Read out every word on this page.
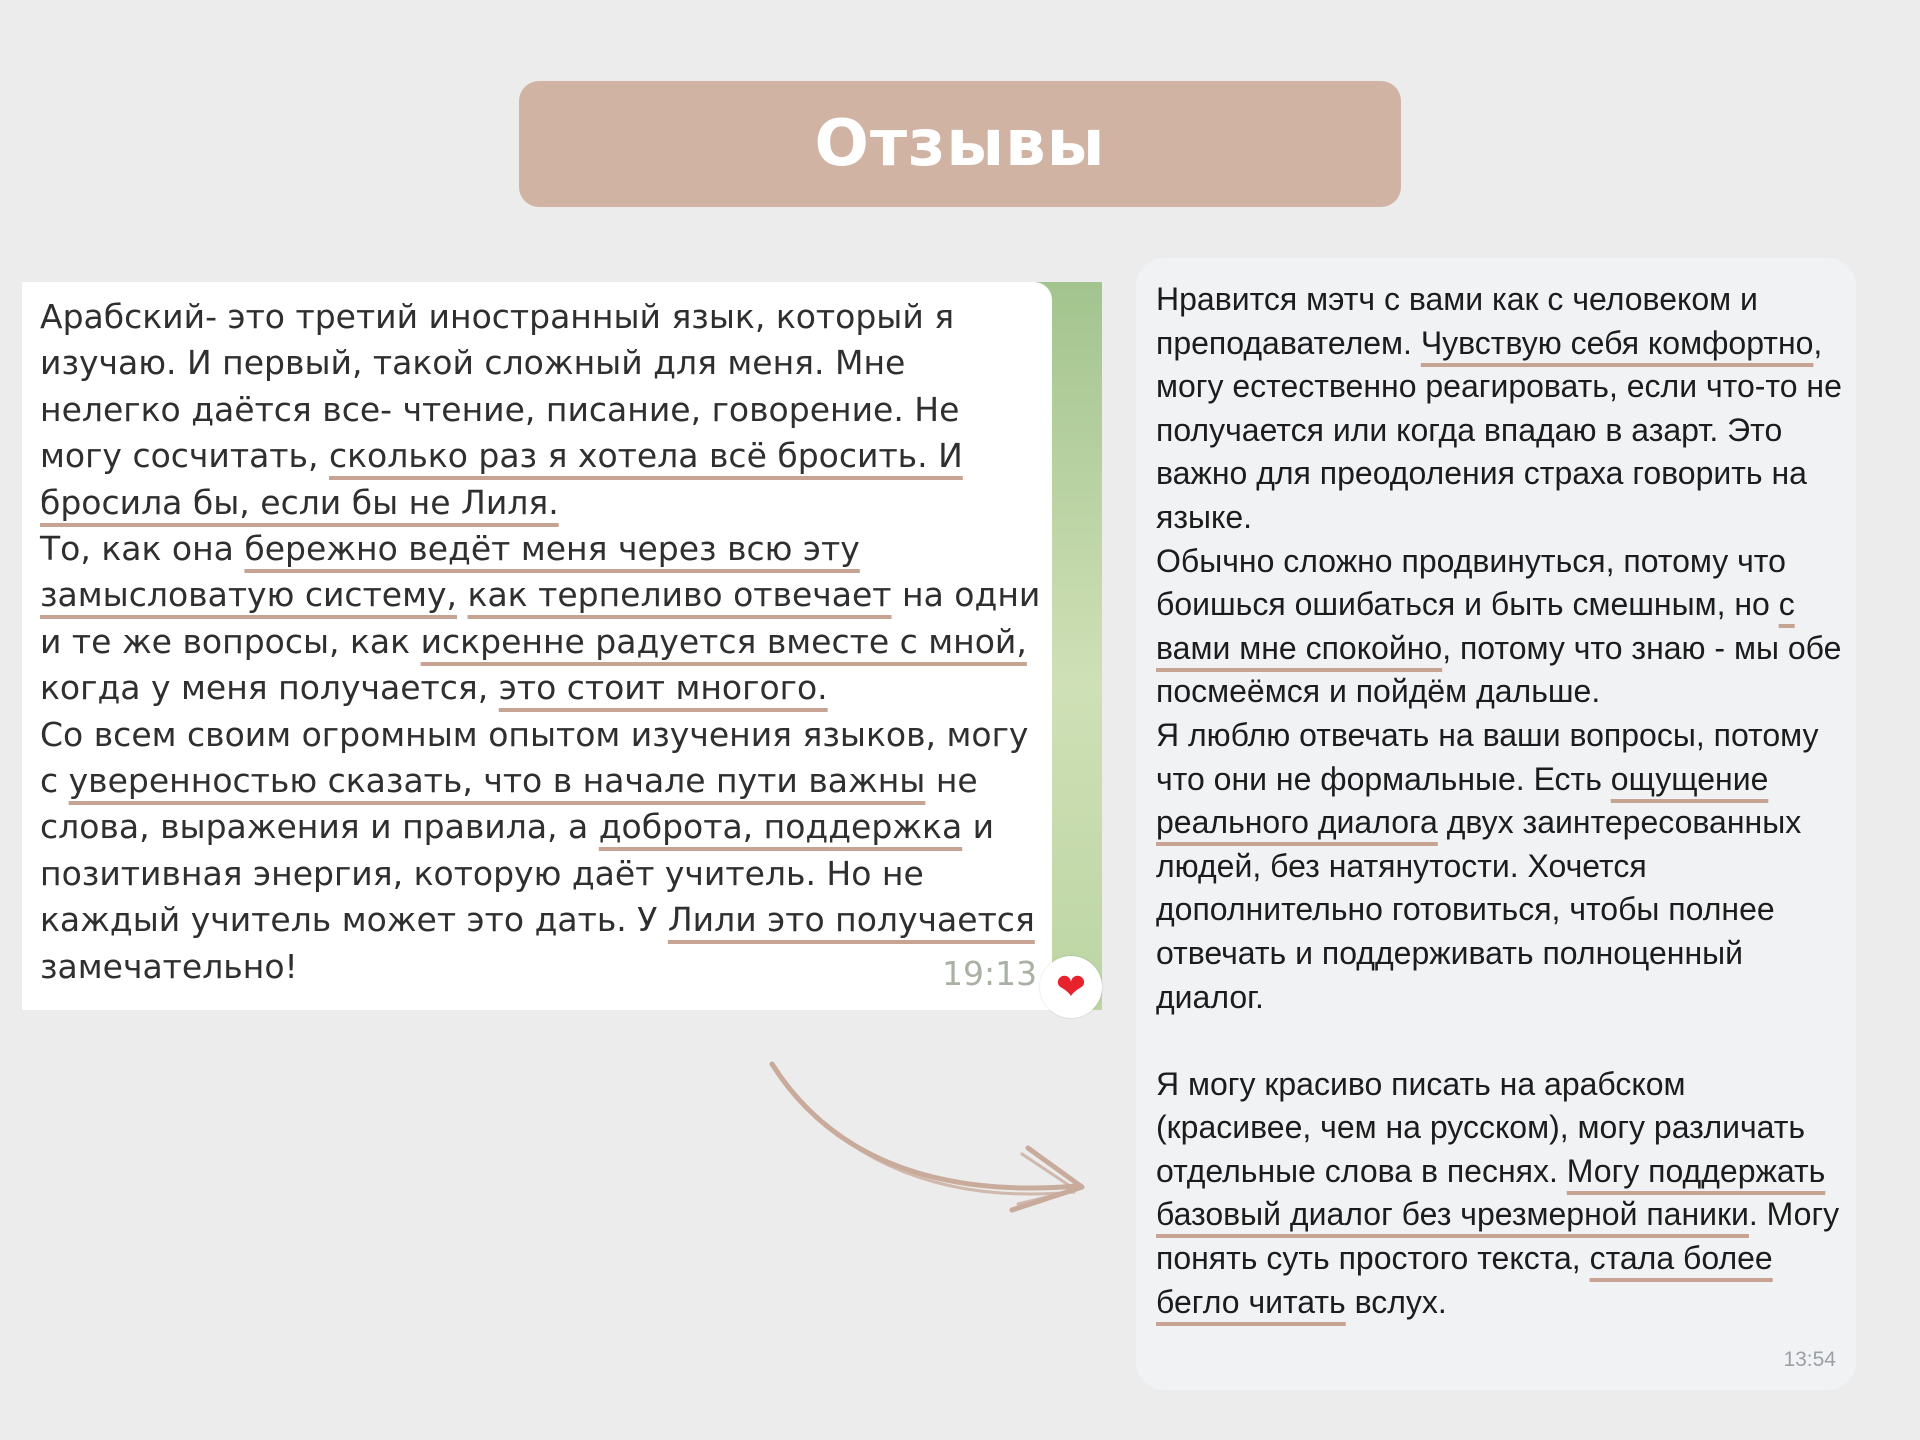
Отзывы

Арабский- это третий иностранный язык, который я изучаю. И первый, такой сложный для меня. Мне нелегко даётся все- чтение, писание, говорение. Не могу сосчитать, сколько раз я хотела всё бросить. И бросила бы, если бы не Лиля.

То, как она бережно ведёт меня через всю эту замысловатую систему, как терпеливо отвечает на одни и те же вопросы, как искренне радуется вместе с мной, когда у меня получается, это стоит многого.

Со всем своим огромным опытом изучения языков, могу с уверенностью сказать, что в начале пути важны не слова, выражения и правила, а доброта, поддержка и позитивная энергия, которую даёт учитель. Но не каждый учитель может это дать. У Лили это получается замечательно!	19:13 ❤

Нравится мэтч с вами как с человеком и преподавателем. Чувствую себя комфортно, могу естественно реагировать, если что-то не получается или когда впадаю в азарт. Это важно для преодоления страха говорить на языке.

Обычно сложно продвинуться, потому что боишься ошибаться и быть смешным, но с вами мне спокойно, потому что знаю - мы обе посмеёмся и пойдём дальше.

Я люблю отвечать на ваши вопросы, потому что они не формальные. Есть ощущение реального диалога двух заинтересованных людей, без натянутости. Хочется дополнительно готовиться, чтобы полнее отвечать и поддерживать полноценный диалог.

Я могу красиво писать на арабском (красивее, чем на русском), могу различать отдельные слова в песнях. Могу поддержать базовый диалог без чрезмерной паники. Могу понять суть простого текста, стала более бегло читать вслух.

13:54
